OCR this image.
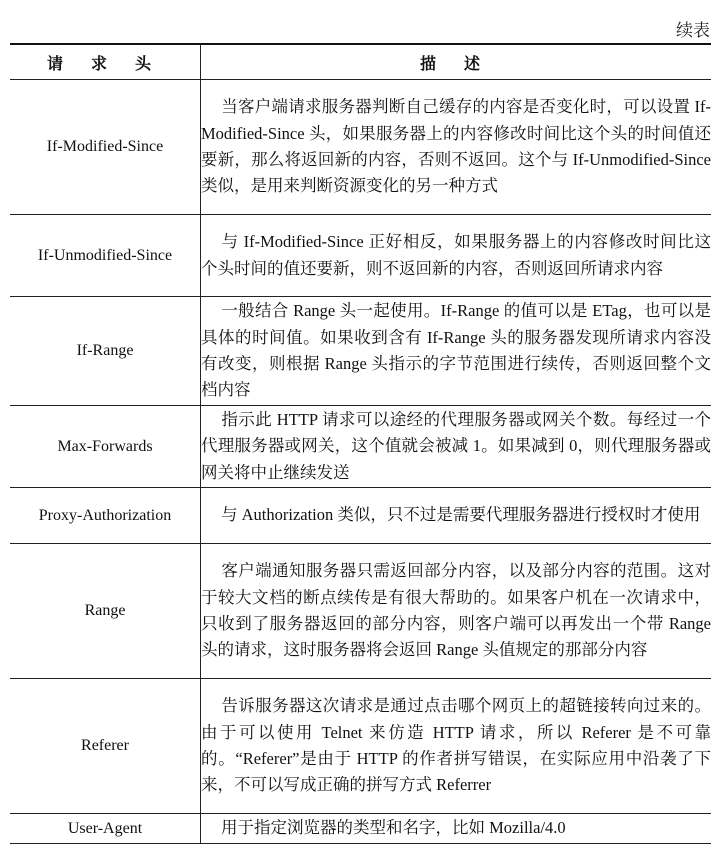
续表
请 求 头	描 述
If-Modified-Since	当客户端请求服务器判断自己缓存的内容是否变化时，可以设置 If-Modified-Since 头，如果服务器上的内容修改时间比这个头的时间值还要新，那么将返回新的内容，否则不返回。这个与 If-Unmodified-Since 类似，是用来判断资源变化的另一种方式
If-Unmodified-Since	与 If-Modified-Since 正好相反，如果服务器上的内容修改时间比这个头时间的值还要新，则不返回新的内容，否则返回所请求内容
If-Range	一般结合 Range 头一起使用。If-Range 的值可以是 ETag，也可以是具体的时间值。如果收到含有 If-Range 头的服务器发现所请求内容没有改变，则根据 Range 头指示的字节范围进行续传，否则返回整个文档内容
Max-Forwards	指示此 HTTP 请求可以途经的代理服务器或网关个数。每经过一个代理服务器或网关，这个值就会被减 1。如果减到 0，则代理服务器或网关将中止继续发送
Proxy-Authorization	与 Authorization 类似，只不过是需要代理服务器进行授权时才使用
Range	客户端通知服务器只需返回部分内容，以及部分内容的范围。这对于较大文档的断点续传是有很大帮助的。如果客户机在一次请求中，只收到了服务器返回的部分内容，则客户端可以再发出一个带 Range 头的请求，这时服务器将会返回 Range 头值规定的那部分内容
Referer	告诉服务器这次请求是通过点击哪个网页上的超链接转向过来的。由于可以使用 Telnet 来仿造 HTTP 请求，所以 Referer 是不可靠的。“Referer”是由于 HTTP 的作者拼写错误，在实际应用中沿袭了下来，不可以写成正确的拼写方式 Referrer
User-Agent	用于指定浏览器的类型和名字，比如 Mozilla/4.0
